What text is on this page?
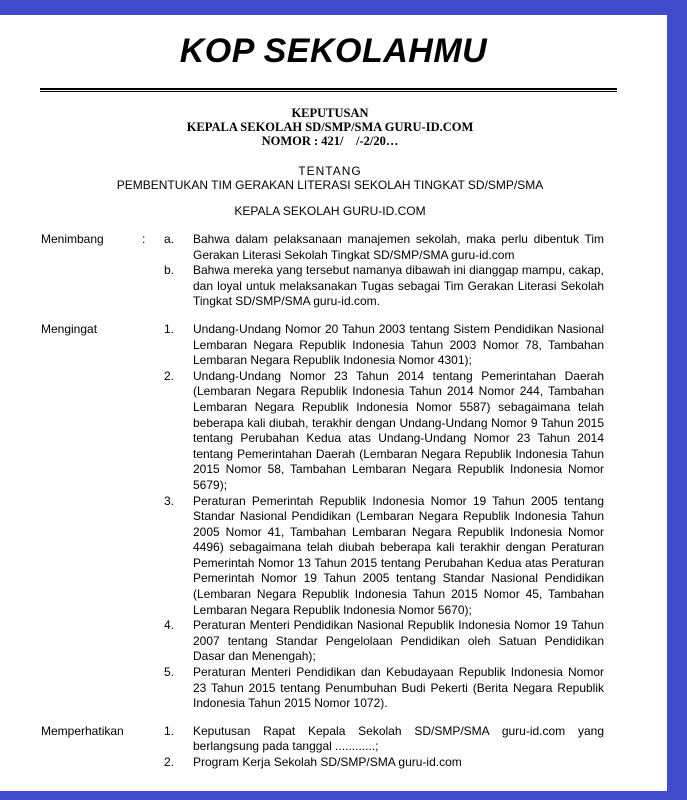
KOP SEKOLAHMU
KEPUTUSAN
KEPALA SEKOLAH SD/SMP/SMA GURU-ID.COM
NOMOR : 421/    /-2/20…
TENTANG
PEMBENTUKAN TIM GERAKAN LITERASI SEKOLAH TINGKAT SD/SMP/SMA
KEPALA SEKOLAH GURU-ID.COM
Menimbang	:	a.	Bahwa dalam pelaksanaan manajemen sekolah, maka perlu dibentuk Tim Gerakan Literasi Sekolah Tingkat SD/SMP/SMA guru-id.com
b.	Bahwa mereka yang tersebut namanya dibawah ini dianggap mampu, cakap, dan loyal untuk melaksanakan Tugas sebagai Tim Gerakan Literasi Sekolah Tingkat SD/SMP/SMA guru-id.com.
Mengingat	1.	Undang-Undang Nomor 20 Tahun 2003 tentang Sistem Pendidikan Nasional Lembaran Negara Republik Indonesia Tahun 2003 Nomor 78, Tambahan Lembaran Negara Republik Indonesia Nomor 4301);
2.	Undang-Undang Nomor 23 Tahun 2014 tentang Pemerintahan Daerah (Lembaran Negara Republik Indonesia Tahun 2014 Nomor 244, Tambahan Lembaran Negara Republik Indonesia Nomor 5587) sebagaimana telah beberapa kali diubah, terakhir dengan Undang-Undang Nomor 9 Tahun 2015 tentang Perubahan Kedua atas Undang-Undang Nomor 23 Tahun 2014 tentang Pemerintahan Daerah (Lembaran Negara Republik Indonesia Tahun 2015 Nomor 58, Tambahan Lembaran Negara Republik Indonesia Nomor 5679);
3.	Peraturan Pemerintah Republik Indonesia Nomor 19 Tahun 2005 tentang Standar Nasional Pendidikan (Lembaran Negara Republik Indonesia Tahun 2005 Nomor 41, Tambahan Lembaran Negara Republik Indonesia Nomor 4496) sebagaimana telah diubah beberapa kali terakhir dengan Peraturan Pemerintah Nomor 13 Tahun 2015 tentang Perubahan Kedua atas Peraturan Pemerintah Nomor 19 Tahun 2005 tentang Standar Nasional Pendidikan (Lembaran Negara Republik Indonesia Tahun 2015 Nomor 45, Tambahan Lembaran Negara Republik Indonesia Nomor 5670);
4.	Peraturan Menteri Pendidikan Nasional Republik Indonesia Nomor 19 Tahun 2007 tentang Standar Pengelolaan Pendidikan oleh Satuan Pendidikan Dasar dan Menengah);
5.	Peraturan Menteri Pendidikan dan Kebudayaan Republik Indonesia Nomor 23 Tahun 2015 tentang Penumbuhan Budi Pekerti (Berita Negara Republik Indonesia Tahun 2015 Nomor 1072).
Memperhatikan	1.	Keputusan Rapat Kepala Sekolah SD/SMP/SMA guru-id.com yang berlangsung pada tanggal ............;
2.	Program Kerja Sekolah SD/SMP/SMA guru-id.com
